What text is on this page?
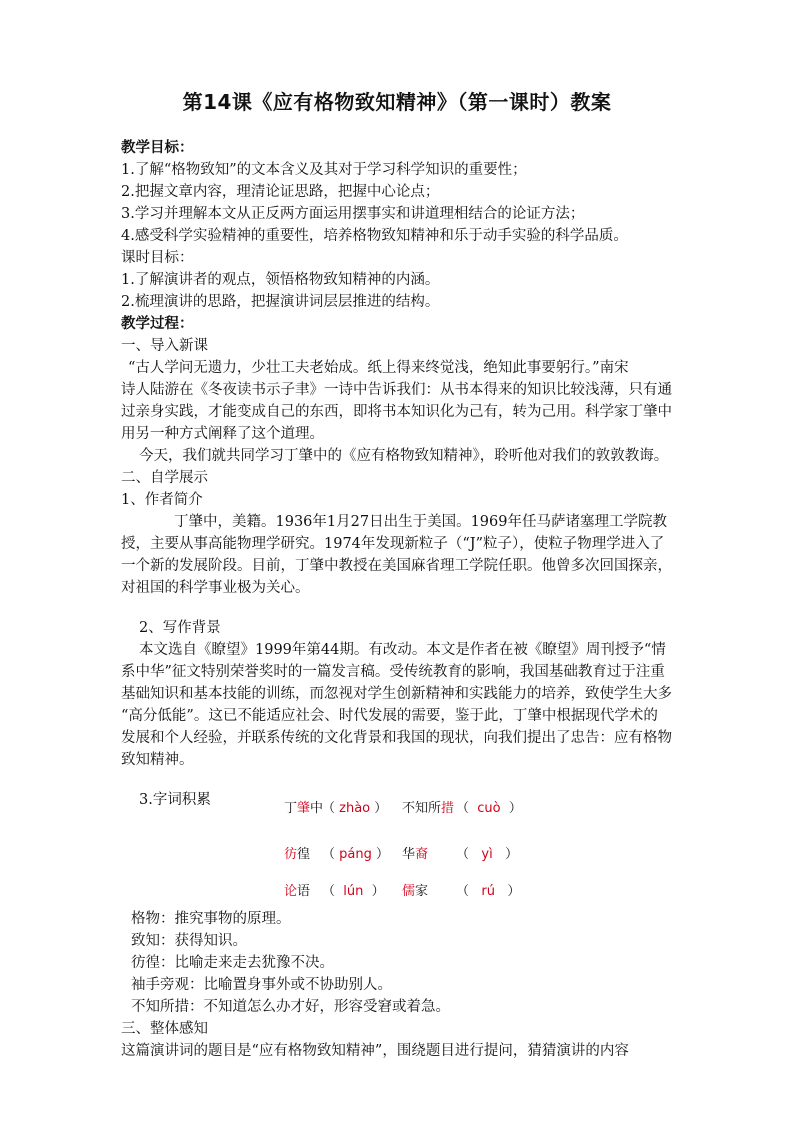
第14课《应有格物致知精神》（第一课时）教案
教学目标：
1.了解“格物致知”的文本含义及其对于学习科学知识的重要性；
2.把握文章内容，理清论证思路，把握中心论点；
3.学习并理解本文从正反两方面运用摆事实和讲道理相结合的论证方法；
4.感受科学实验精神的重要性，培养格物致知精神和乐于动手实验的科学品质。
课时目标：
1.了解演讲者的观点，领悟格物致知精神的内涵。
2.梳理演讲的思路，把握演讲词层层推进的结构。
教学过程：
一、导入新课
“古人学问无遗力，少壮工夫老始成。纸上得来终觉浅，绝知此事要躬行。”南宋
诗人陆游在《冬夜读书示子聿》一诗中告诉我们：从书本得来的知识比较浅薄，只有通
过亲身实践，才能变成自己的东西，即将书本知识化为己有，转为己用。科学家丁肇中
用另一种方式阐释了这个道理。
今天，我们就共同学习丁肇中的《应有格物致知精神》，聆听他对我们的敦敦教诲。
二、自学展示
1、作者简介
丁肇中，美籍。1936年1月27日出生于美国。1969年任马萨诸塞理工学院教
授，主要从事高能物理学研究。1974年发现新粒子（“J”粒子），使粒子物理学进入了
一个新的发展阶段。目前，丁肇中教授在美国麻省理工学院任职。他曾多次回国探亲，
对祖国的科学事业极为关心。
2、写作背景
本文选自《瞭望》1999年第44期。有改动。本文是作者在被《瞭望》周刊授予“情
系中华”征文特别荣誉奖时的一篇发言稿。受传统教育的影响，我国基础教育过于注重
基础知识和基本技能的训练，而忽视对学生创新精神和实践能力的培养，致使学生大多
“高分低能”。这已不能适应社会、时代发展的需要，鉴于此，丁肇中根据现代学术的
发展和个人经验，并联系传统的文化背景和我国的现状，向我们提出了忠告：应有格物
致知精神。
3.字词积累
丁肇中
（ zhào ） 不知所措 （  cuò  ）
彷徨 （ páng ） 华裔 （   yì   ）
论语 （  lún  ） 儒家 （   rú   ）
格物：推究事物的原理。
致知：获得知识。
彷徨：比喻走来走去犹豫不决。
袖手旁观：比喻置身事外或不协助别人。
不知所措：不知道怎么办才好，形容受窘或着急。
三、整体感知
这篇演讲词的题目是“应有格物致知精神”，围绕题目进行提问，猜猜演讲的内容
